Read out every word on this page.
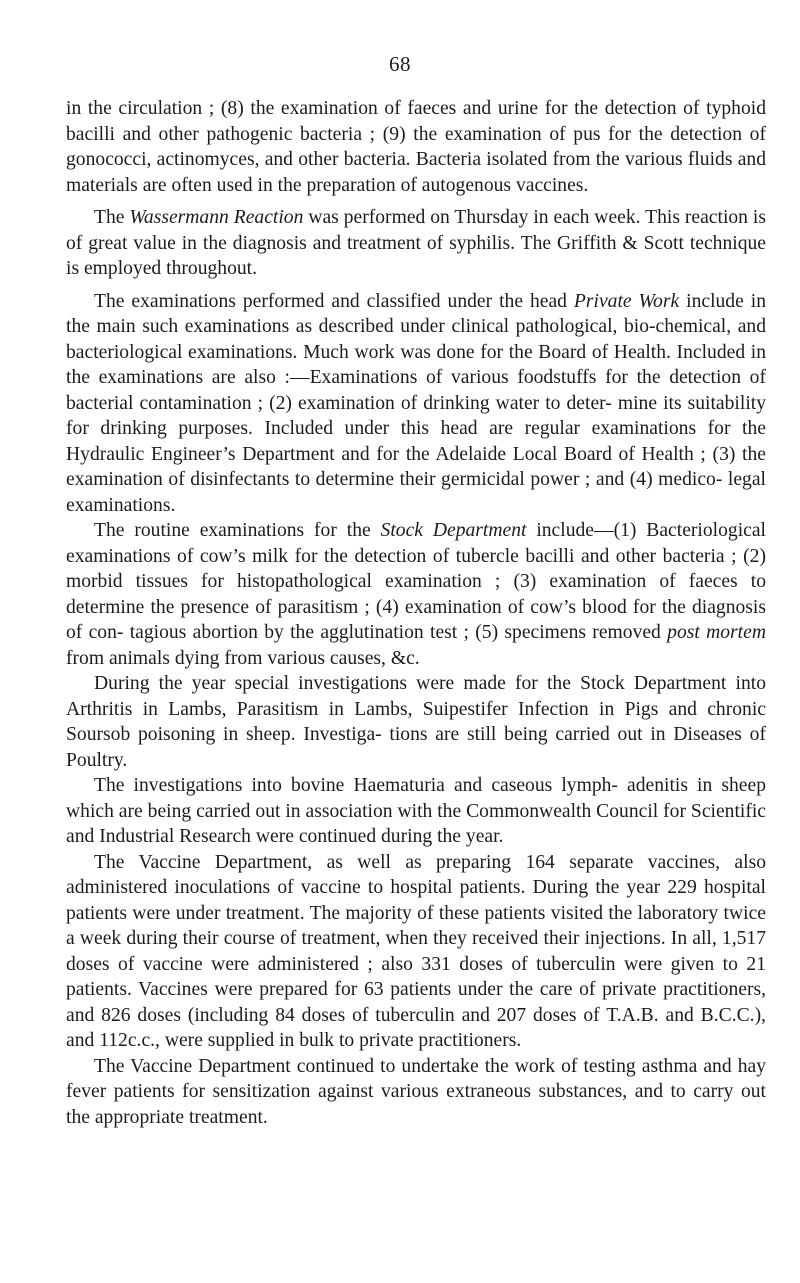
68

in the circulation ; (8) the examination of faeces and urine for the detection of typhoid bacilli and other pathogenic bacteria ; (9) the examination of pus for the detection of gonococci, actinomyces, and other bacteria. Bacteria isolated from the various fluids and materials are often used in the preparation of autogenous vaccines.

The Wassermann Reaction was performed on Thursday in each week. This reaction is of great value in the diagnosis and treatment of syphilis. The Griffith & Scott technique is employed throughout.

The examinations performed and classified under the head Private Work include in the main such examinations as described under clinical pathological, bio-chemical, and bacteriological examinations. Much work was done for the Board of Health. Included in the examinations are also :—Examinations of various foodstuffs for the detection of bacterial contamination ; (2) examination of drinking water to deter- mine its suitability for drinking purposes. Included under this head are regular examinations for the Hydraulic Engineer’s Department and for the Adelaide Local Board of Health ; (3) the examination of disinfectants to determine their germicidal power ; and (4) medico- legal examinations.

The routine examinations for the Stock Department include—(1) Bacteriological examinations of cow’s milk for the detection of tubercle bacilli and other bacteria ; (2) morbid tissues for histopathological examination ; (3) examination of faeces to determine the presence of parasitism ; (4) examination of cow’s blood for the diagnosis of con- tagious abortion by the agglutination test ; (5) specimens removed post mortem from animals dying from various causes, &c.

During the year special investigations were made for the Stock Department into Arthritis in Lambs, Parasitism in Lambs, Suipestifer Infection in Pigs and chronic Soursob poisoning in sheep. Investiga- tions are still being carried out in Diseases of Poultry.

The investigations into bovine Haematuria and caseous lymph- adenitis in sheep which are being carried out in association with the Commonwealth Council for Scientific and Industrial Research were continued during the year.

The Vaccine Department, as well as preparing 164 separate vaccines, also administered inoculations of vaccine to hospital patients. During the year 229 hospital patients were under treatment. The majority of these patients visited the laboratory twice a week during their course of treatment, when they received their injections. In all, 1,517 doses of vaccine were administered ; also 331 doses of tuberculin were given to 21 patients. Vaccines were prepared for 63 patients under the care of private practitioners, and 826 doses (including 84 doses of tuberculin and 207 doses of T.A.B. and B.C.C.), and 112c.c., were supplied in bulk to private practitioners.

The Vaccine Department continued to undertake the work of testing asthma and hay fever patients for sensitization against various extraneous substances, and to carry out the appropriate treatment.
